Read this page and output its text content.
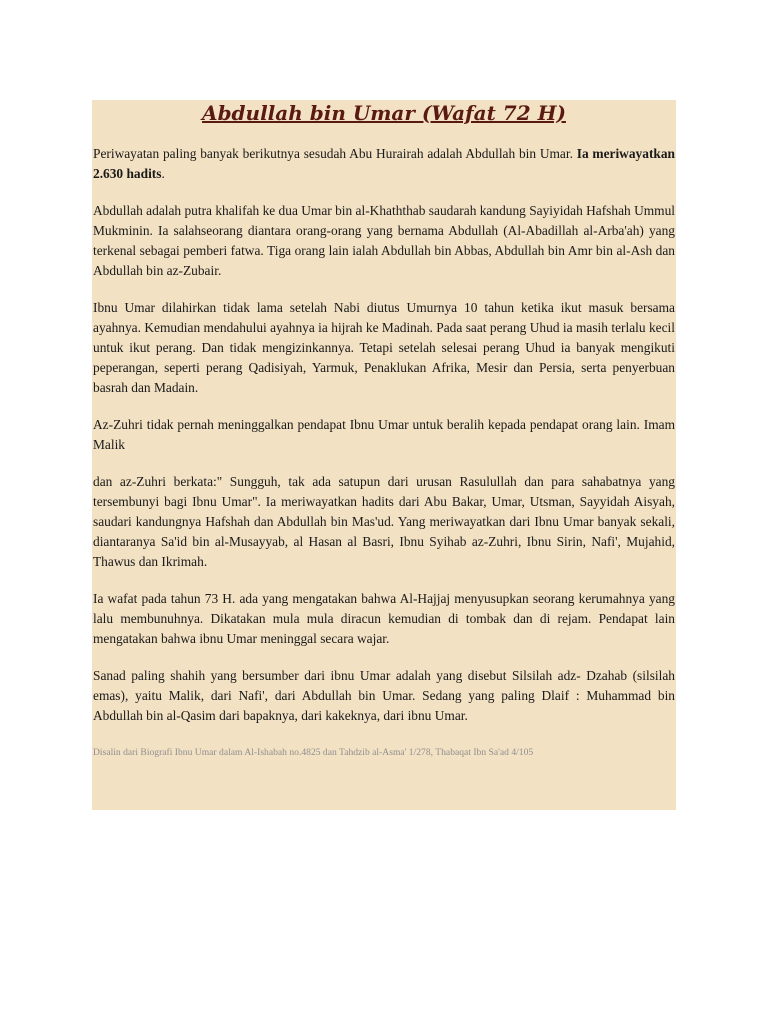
Abdullah bin Umar (Wafat 72 H)

Periwayatan paling banyak berikutnya sesudah Abu Hurairah adalah Abdullah bin Umar. Ia meriwayatkan 2.630 hadits.

Abdullah adalah putra khalifah ke dua Umar bin al-Khaththab saudarah kandung Sayiyidah Hafshah Ummul Mukminin. Ia salahseorang diantara orang-orang yang bernama Abdullah (Al-Abadillah al-Arba'ah) yang terkenal sebagai pemberi fatwa. Tiga orang lain ialah Abdullah bin Abbas, Abdullah bin Amr bin al-Ash dan Abdullah bin az-Zubair.

Ibnu Umar dilahirkan tidak lama setelah Nabi diutus Umurnya 10 tahun ketika ikut masuk bersama ayahnya. Kemudian mendahului ayahnya ia hijrah ke Madinah. Pada saat perang Uhud ia masih terlalu kecil untuk ikut perang. Dan tidak mengizinkannya. Tetapi setelah selesai perang Uhud ia banyak mengikuti peperangan, seperti perang Qadisiyah, Yarmuk, Penaklukan Afrika, Mesir dan Persia, serta penyerbuan basrah dan Madain.

Az-Zuhri tidak pernah meninggalkan pendapat Ibnu Umar untuk beralih kepada pendapat orang lain. Imam Malik

dan az-Zuhri berkata:" Sungguh, tak ada satupun dari urusan Rasulullah dan para sahabatnya yang tersembunyi bagi Ibnu Umar". Ia meriwayatkan hadits dari Abu Bakar, Umar, Utsman, Sayyidah Aisyah, saudari kandungnya Hafshah dan Abdullah bin Mas'ud. Yang meriwayatkan dari Ibnu Umar banyak sekali, diantaranya Sa'id bin al-Musayyab, al Hasan al Basri, Ibnu Syihab az-Zuhri, Ibnu Sirin, Nafi', Mujahid, Thawus dan Ikrimah.

Ia wafat pada tahun 73 H. ada yang mengatakan bahwa Al-Hajjaj menyusupkan seorang kerumahnya yang lalu membunuhnya. Dikatakan mula mula diracun kemudian di tombak dan di rejam. Pendapat lain mengatakan bahwa ibnu Umar meninggal secara wajar.

Sanad paling shahih yang bersumber dari ibnu Umar adalah yang disebut Silsilah adz- Dzahab (silsilah emas), yaitu Malik, dari Nafi', dari Abdullah bin Umar. Sedang yang paling Dlaif : Muhammad bin Abdullah bin al-Qasim dari bapaknya, dari kakeknya, dari ibnu Umar.

Disalin dari Biografi Ibnu Umar dalam Al-Ishabah no.4825 dan Tahdzib al-Asma' 1/278, Thabaqat Ibn Sa'ad 4/105
